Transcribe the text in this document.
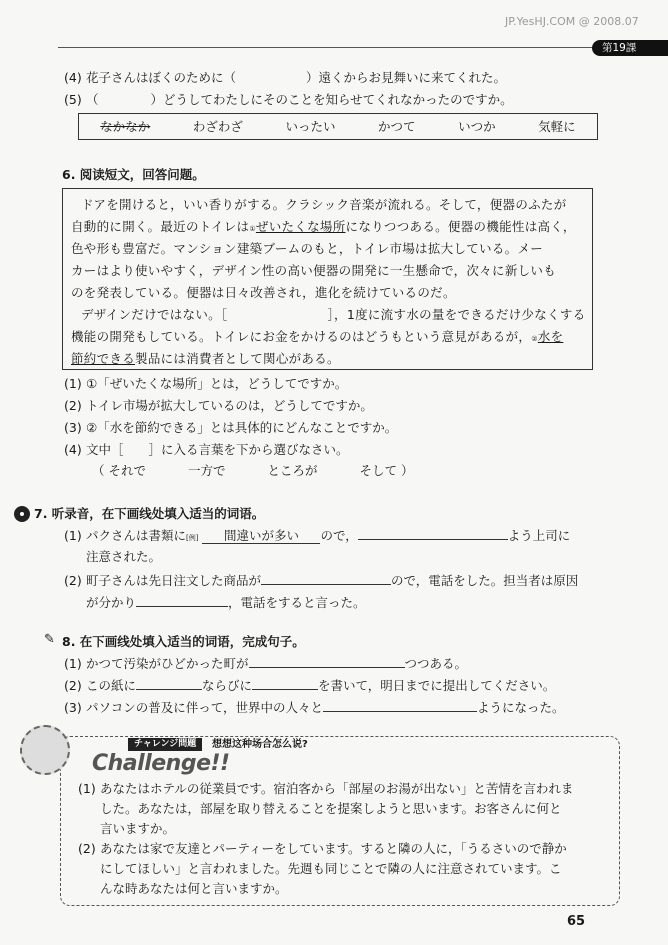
JP.YesHJ.COM @ 2008.07
第19課
(4) 花子さんはぼくのために（	）遠くからお見舞いに来てくれた。
(5) （	）どうしてわたしにそのことを知らせてくれなかったのですか。
なかなか	わざわざ	いったい	かつて	いつか	気軽に
6. 阅读短文，回答问题。
ドアを開けると，いい香りがする。クラシック音楽が流れる。そして，便器のふたが
自動的に開く。最近のトイレは①ぜいたくな場所になりつつある。便器の機能性は高く，
色や形も豊富だ。マンション建築ブームのもと，トイレ市場は拡大している。メー
カーはより使いやすく，デザイン性の高い便器の開発に一生懸命で，次々に新しいも
のを発表している。便器は日々改善され，進化を続けているのだ。
デザインだけではない。［	］，1度に流す水の量をできるだけ少なくする
機能の開発もしている。トイレにお金をかけるのはどうもという意見があるが，②水を
節約できる製品には消費者として関心がある。
(1) ①「ぜいたくな場所」とは，どうしてですか。
(2) トイレ市場が拡大しているのは，どうしてですか。
(3) ②「水を節約できる」とは具体的にどんなことですか。
(4) 文中［　　］に入る言葉を下から選びなさい。
（ それで	一方で	ところが	そして ）
7. 听录音，在下画线处填入适当的词语。
(1) パクさんは書類に[例] 間違いが多い ので，	よう上司に
注意された。
(2) 町子さんは先日注文した商品が	ので，電話をした。担当者は原因
が分かり	，電話をすると言った。
✎ 8. 在下画线处填入适当的词语，完成句子。
(1) かつて汚染がひどかった町が	つつある。
(2) この紙に	ならびに	を書いて，明日までに提出してください。
(3) パソコンの普及に伴って，世界中の人々と	ようになった。
チャレンジ問題	想想这种场合怎么说?
Challenge!!
(1) あなたはホテルの従業員です。宿泊客から「部屋のお湯が出ない」と苦情を言われま
した。あなたは，部屋を取り替えることを提案しようと思います。お客さんに何と
言いますか。
(2) あなたは家で友達とパーティーをしています。すると隣の人に，「うるさいので静か
にしてほしい」と言われました。先週も同じことで隣の人に注意されています。こ
んな時あなたは何と言いますか。
65
